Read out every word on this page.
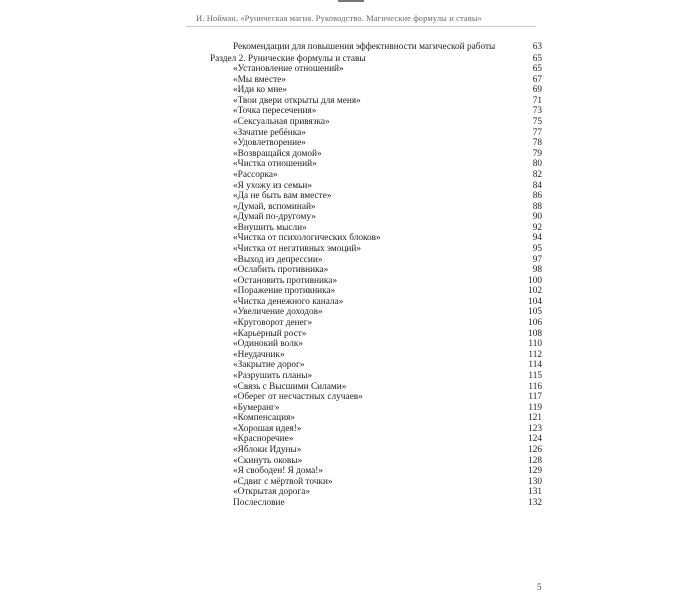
И. Нойман. «Руническая магия. Руководство. Магические формулы и ставы»
Рекомендации для повышения эффективности магической работы	63
Раздел 2. Рунические формулы и ставы	65
«Установление отношений»	65
«Мы вместе»	67
«Иди ко мне»	69
«Твои двери открыты для меня»	71
«Точка пересечения»	73
«Сексуальная привязка»	75
«Зачатие ребёнка»	77
«Удовлетворение»	78
«Возвращайся домой»	79
«Чистка отношений»	80
«Рассорка»	82
«Я ухожу из семьи»	84
«Да не быть вам вместе»	86
«Думай, вспоминай»	88
«Думай по-другому»	90
«Внушить мысли»	92
«Чистка от психологических блоков»	94
«Чистка от негативных эмоций»	95
«Выход из депрессии»	97
«Ослабить противника»	98
«Остановить противника»	100
«Поражение противника»	102
«Чистка денежного канала»	104
«Увеличение доходов»	105
«Круговорот денег»	106
«Карьерный рост»	108
«Одинокий волк»	110
«Неудачник»	112
«Закрытие дорог»	114
«Разрушить планы»	115
«Связь с Высшими Силами»	116
«Оберег от несчастных случаев»	117
«Бумеранг»	119
«Компенсация»	121
«Хорошая идея!»	123
«Красноречие»	124
«Яблоки Идуны»	126
«Скинуть оковы»	128
«Я свободен! Я дома!»	129
«Сдвиг с мёртвой точки»	130
«Открытая дорога»	131
Послесловие	132
5
